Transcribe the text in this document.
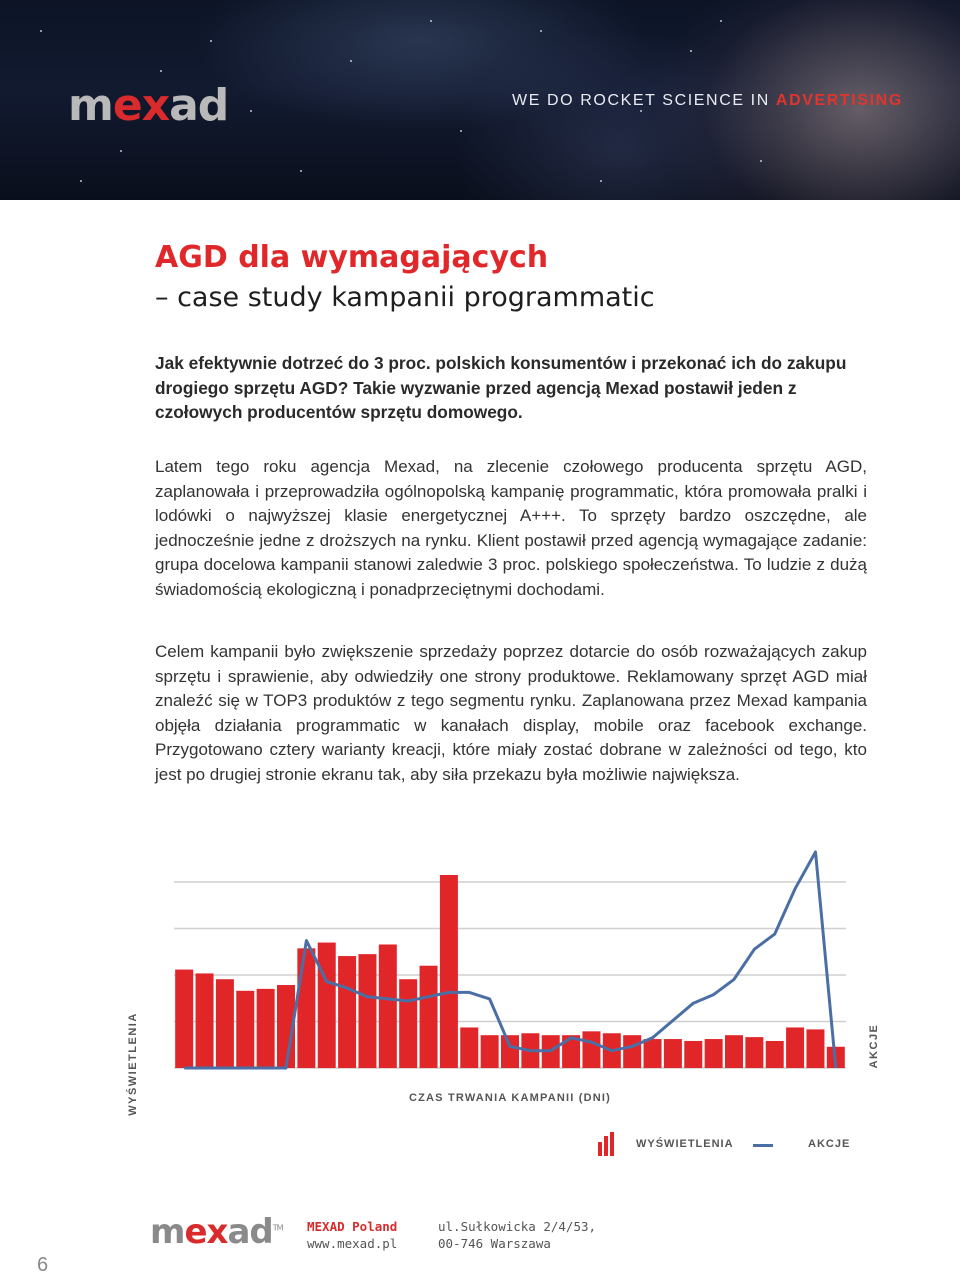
mexad	WE DO ROCKET SCIENCE IN ADVERTISING
AGD dla wymagających
– case study kampanii programmatic
Jak efektywnie dotrzeć do 3 proc. polskich konsumentów i przekonać ich do zakupu drogiego sprzętu AGD? Takie wyzwanie przed agencją Mexad postawił jeden z czołowych producentów sprzętu domowego.
Latem tego roku agencja Mexad, na zlecenie czołowego producenta sprzętu AGD, zaplanowała i przeprowadziła ogólnopolską kampanię programmatic, która promowała pralki i lodówki o najwyższej klasie energetycznej A+++. To sprzęty bardzo oszczędne, ale jednocześnie jedne z droższych na rynku. Klient postawił przed agencją wymagające zadanie: grupa docelowa kampanii stanowi zaledwie 3 proc. polskiego społeczeństwa. To ludzie z dużą świadomością ekologiczną i ponadprzeciętnymi dochodami.
Celem kampanii było zwiększenie sprzedaży poprzez dotarcie do osób rozważających zakup sprzętu i sprawienie, aby odwiedziły one strony produktowe. Reklamowany sprzęt AGD miał znaleźć się w TOP3 produktów z tego segmentu rynku. Zaplanowana przez Mexad kampania objęła działania programmatic w kanałach display, mobile oraz facebook exchange. Przygotowano cztery warianty kreacji, które miały zostać dobrane w zależności od tego, kto jest po drugiej stronie ekranu tak, aby siła przekazu była możliwie największa.
WYŚWIETLENIA	AKCJE
CZAS TRWANIA KAMPANII (DNI)
WYŚWIETLENIA	AKCJE
mexad™ MEXAD Poland
www.mexad.pl
ul.Sułkowicka 2/4/53,
00-746 Warszawa
6
